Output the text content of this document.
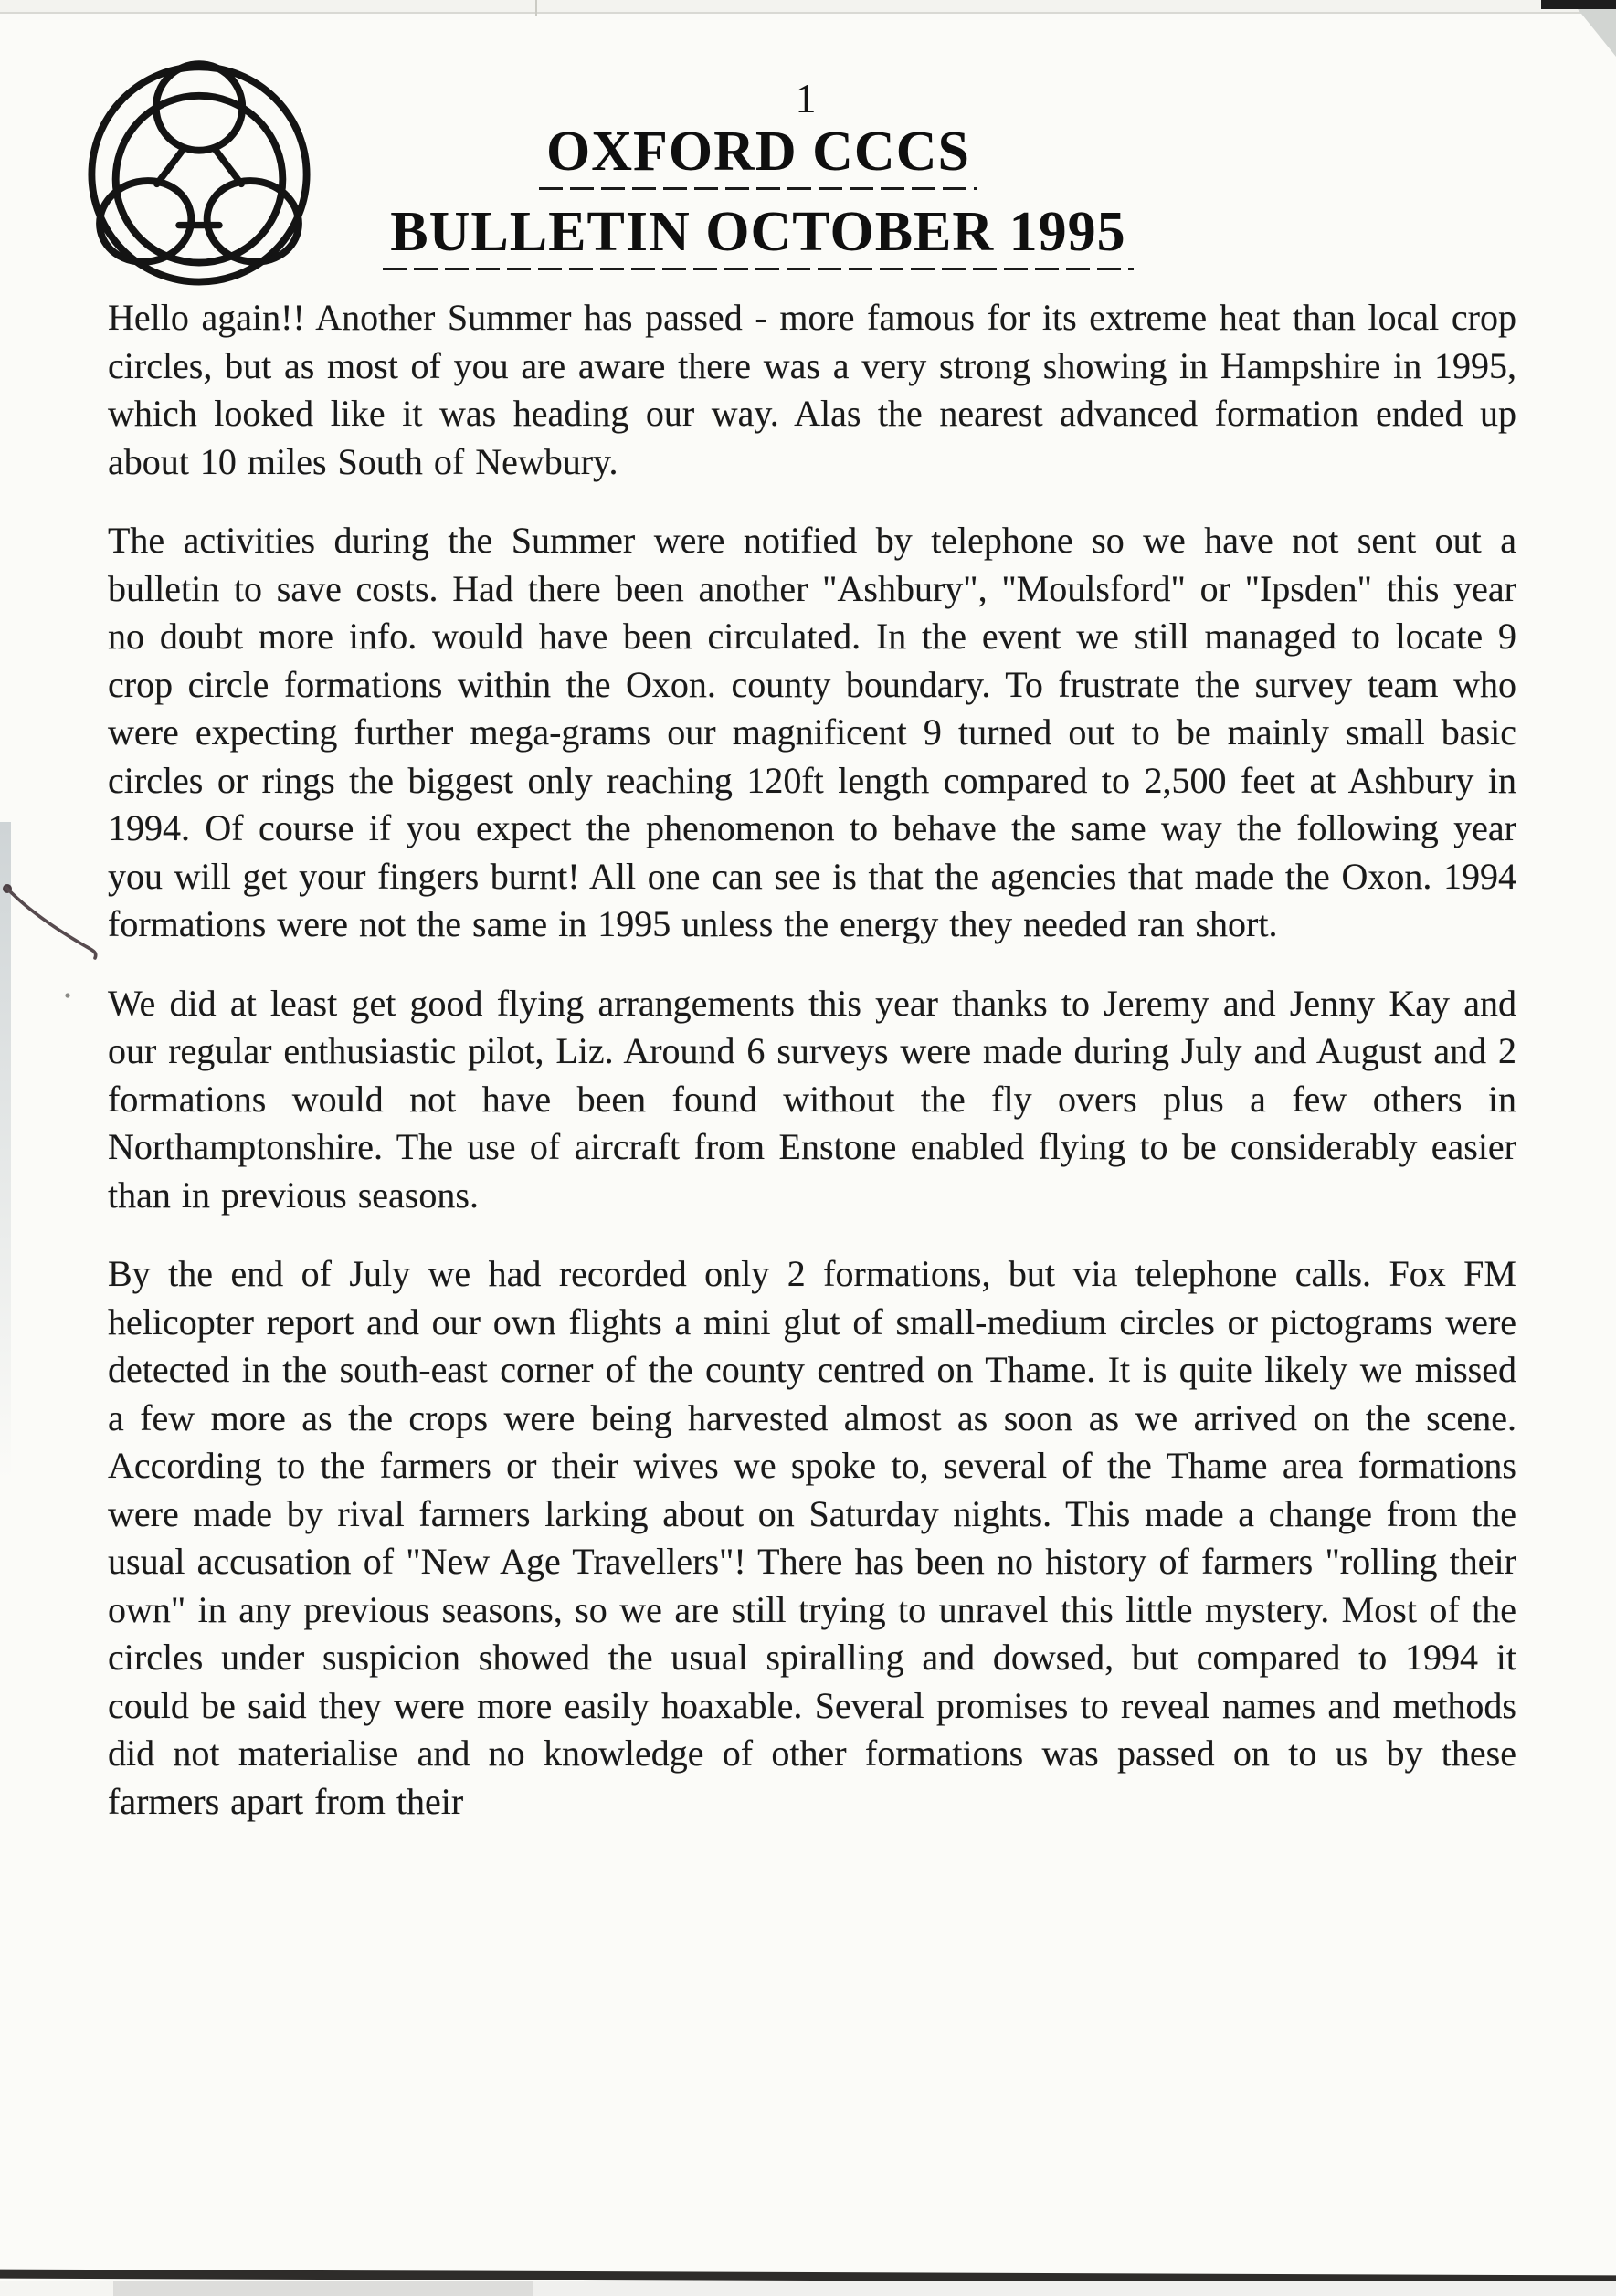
1
OXFORD CCCS
BULLETIN OCTOBER 1995

Hello again!! Another Summer has passed - more famous for its extreme heat than local crop circles, but as most of you are aware there was a very strong showing in Hampshire in 1995, which looked like it was heading our way. Alas the nearest advanced formation ended up about 10 miles South of Newbury.

The activities during the Summer were notified by telephone so we have not sent out a bulletin to save costs. Had there been another "Ashbury", "Moulsford" or "Ipsden" this year no doubt more info. would have been circulated. In the event we still managed to locate 9 crop circle formations within the Oxon. county boundary. To frustrate the survey team who were expecting further mega-grams our magnificent 9 turned out to be mainly small basic circles or rings the biggest only reaching 120ft length compared to 2,500 feet at Ashbury in 1994. Of course if you expect the phenomenon to behave the same way the following year you will get your fingers burnt! All one can see is that the agencies that made the Oxon. 1994 formations were not the same in 1995 unless the energy they needed ran short.

We did at least get good flying arrangements this year thanks to Jeremy and Jenny Kay and our regular enthusiastic pilot, Liz. Around 6 surveys were made during July and August and 2 formations would not have been found without the fly overs plus a few others in Northamptonshire. The use of aircraft from Enstone enabled flying to be considerably easier than in previous seasons.

By the end of July we had recorded only 2 formations, but via telephone calls. Fox FM helicopter report and our own flights a mini glut of small-medium circles or pictograms were detected in the south-east corner of the county centred on Thame. It is quite likely we missed a few more as the crops were being harvested almost as soon as we arrived on the scene. According to the farmers or their wives we spoke to, several of the Thame area formations were made by rival farmers larking about on Saturday nights. This made a change from the usual accusation of "New Age Travellers"! There has been no history of farmers "rolling their own" in any previous seasons, so we are still trying to unravel this little mystery. Most of the circles under suspicion showed the usual spiralling and dowsed, but compared to 1994 it could be said they were more easily hoaxable. Several promises to reveal names and methods did not materialise and no knowledge of other formations was passed on to us by these farmers apart from their
